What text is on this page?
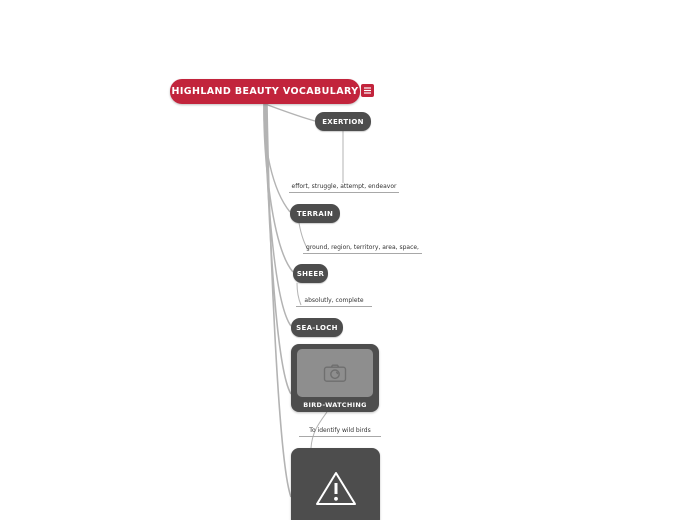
HIGHLAND BEAUTY VOCABULARY
EXERTION
TERRAIN
SHEER
SEA-LOCH
BIRD-WATCHING
effort, struggle, attempt, endeavor
ground, region, territory, area, space,
absolutly, complete
To identify wild birds
